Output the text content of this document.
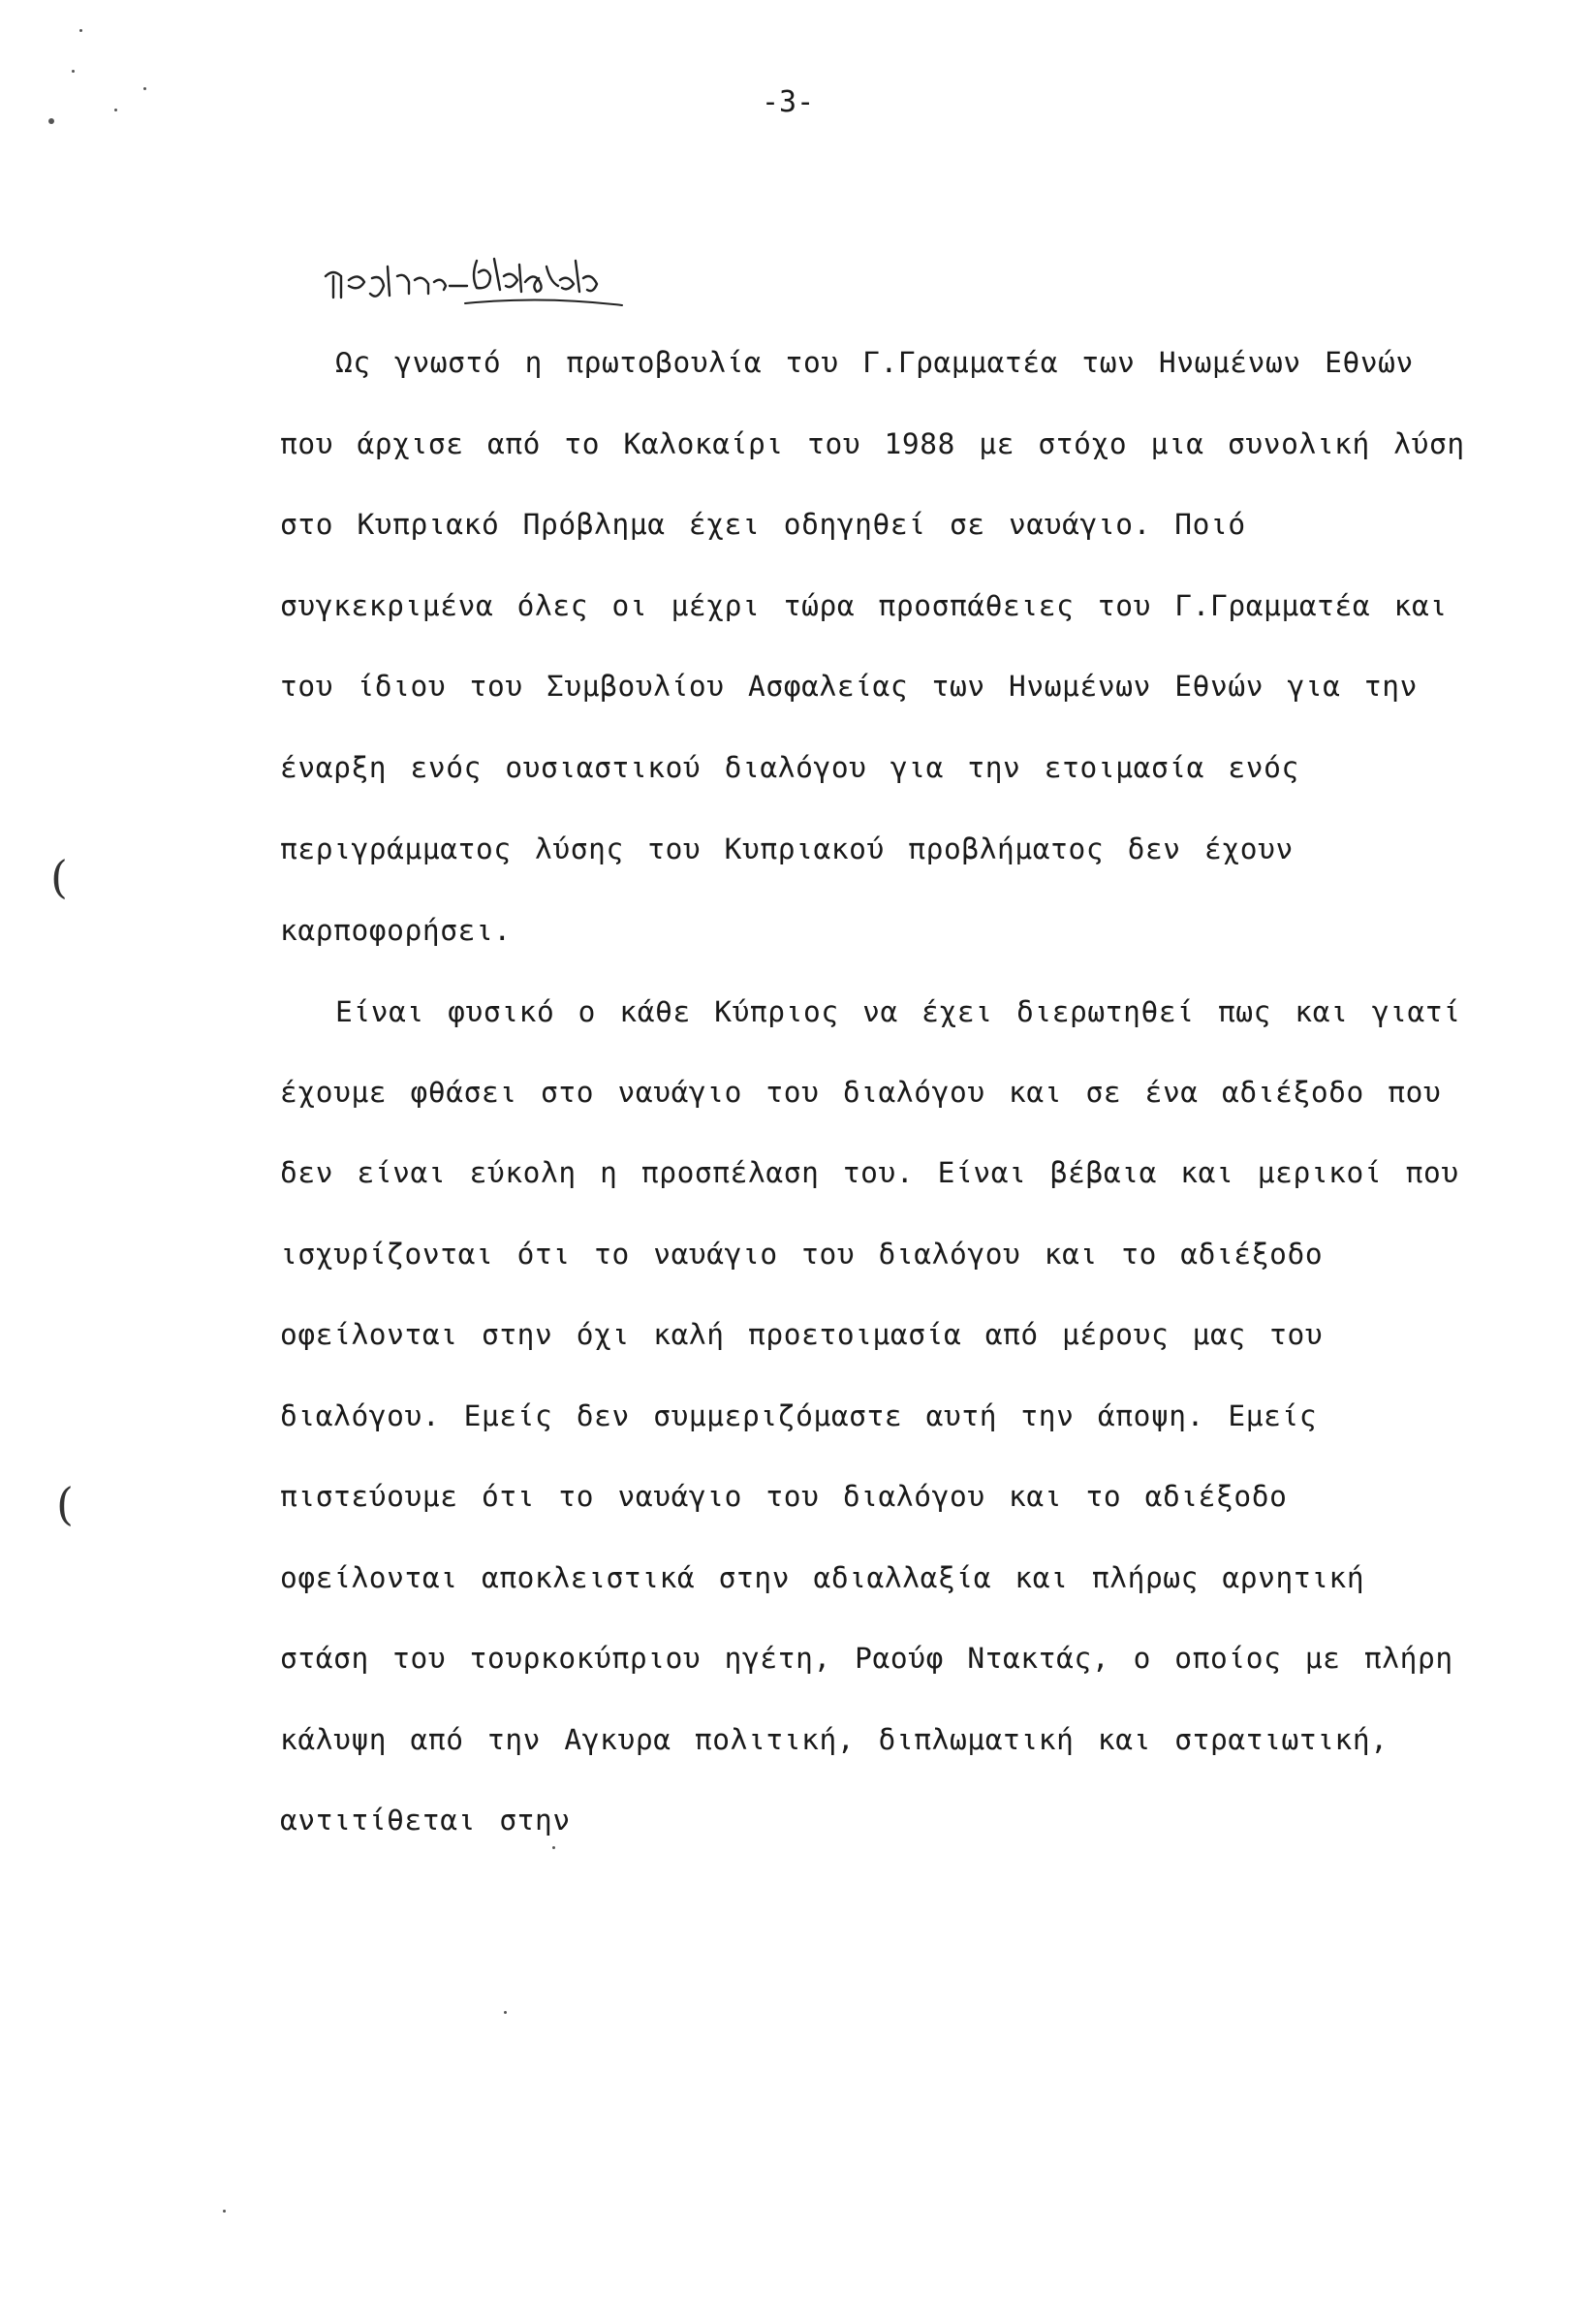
-3-
(
(
Ως γνωστό η πρωτοβουλία του Γ.Γραμματέα των Ηνωμένων Εθνών
που άρχισε από το Καλοκαίρι του 1988 με στόχο μια συνολική λύση
στο Κυπριακό Πρόβλημα έχει οδηγηθεί σε ναυάγιο. Ποιό
συγκεκριμένα όλες οι μέχρι τώρα προσπάθειες του Γ.Γραμματέα και
του ίδιου του Συμβουλίου Ασφαλείας των Ηνωμένων Εθνών για την
έναρξη ενός ουσιαστικού διαλόγου για την ετοιμασία ενός
περιγράμματος λύσης του Κυπριακού προβλήματος δεν έχουν
καρποφορήσει.
Είναι φυσικό ο κάθε Κύπριος να έχει διερωτηθεί πως και γιατί
έχουμε φθάσει στο ναυάγιο του διαλόγου και σε ένα αδιέξοδο που
δεν είναι εύκολη η προσπέλαση του. Είναι βέβαια και μερικοί που
ισχυρίζονται ότι το ναυάγιο του διαλόγου και το αδιέξοδο
οφείλονται στην όχι καλή προετοιμασία από μέρους μας του
διαλόγου. Εμείς δεν συμμεριζόμαστε αυτή την άποψη. Εμείς
πιστεύουμε ότι το ναυάγιο του διαλόγου και το αδιέξοδο
οφείλονται αποκλειστικά στην αδιαλλαξία και πλήρως αρνητική
στάση του τουρκοκύπριου ηγέτη, Ραούφ Ντακτάς, ο οποίος με πλήρη
κάλυψη από την Αγκυρα πολιτική, διπλωματική και στρατιωτική,
αντιτίθεται στην
